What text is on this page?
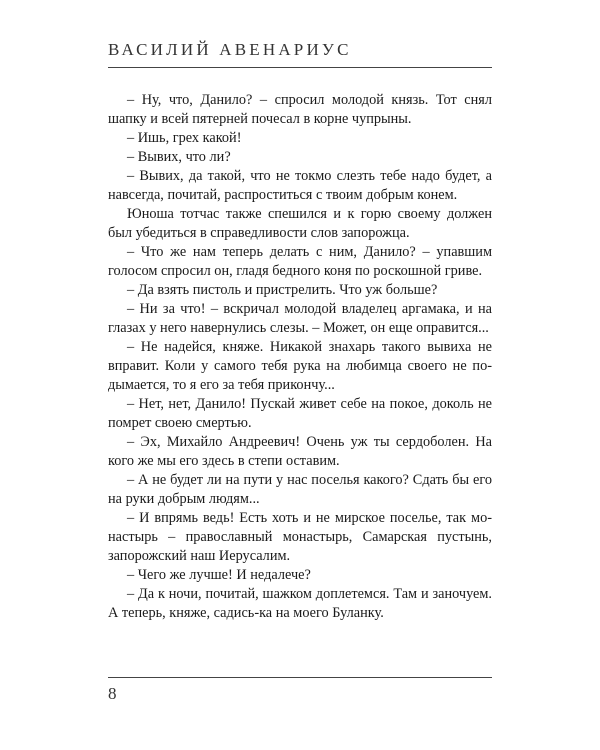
ВАСИЛИЙ АВЕНАРИУС

– Ну, что, Данило? – спросил молодой князь. Тот снял шапку и всей пятерней почесал в корне чупрыны.

– Ишь, грех какой!

– Вывих, что ли?

– Вывих, да такой, что не токмо слезть тебе надо будет, а навсегда, почитай, распроститься с твоим добрым конем.

Юноша тотчас также спешился и к горю своему должен был убедиться в справедливости слов запорожца.

– Что же нам теперь делать с ним, Данило? – упавшим голосом спросил он, гладя бедного коня по роскошной гриве.

– Да взять пистоль и пристрелить. Что уж больше?

– Ни за что! – вскричал молодой владелец аргамака, и на глазах у него навернулись слезы. – Может, он еще оправится...

– Не надейся, княже. Никакой знахарь такого вывиха не вправит. Коли у самого тебя рука на любимца своего не подымается, то я его за тебя прикончу...

– Нет, нет, Данило! Пускай живет себе на покое, доколь не помрет своею смертью.

– Эх, Михайло Андреевич! Очень уж ты сердоболен. На кого же мы его здесь в степи оставим.

– А не будет ли на пути у нас поселья какого? Сдать бы его на руки добрым людям...

– И впрямь ведь! Есть хоть и не мирское поселье, так монастырь – православный монастырь, Самарская пустынь, запорожский наш Иерусалим.

– Чего же лучше! И недалече?

– Да к ночи, почитай, шажком доплетемся. Там и заночуем. А теперь, княже, садись-ка на моего Буланку.

8
